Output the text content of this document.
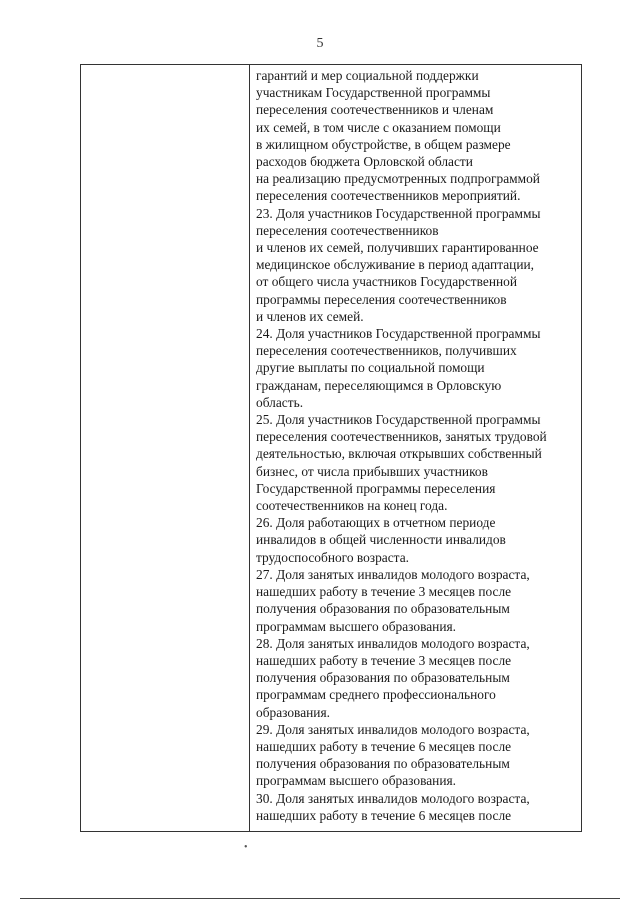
5
гарантий и мер социальной поддержки
участникам Государственной программы
переселения соотечественников и членам
их семей, в том числе с оказанием помощи
в жилищном обустройстве, в общем размере
расходов бюджета Орловской области
на реализацию предусмотренных подпрограммой
переселения соотечественников мероприятий.
23. Доля участников Государственной программы
переселения соотечественников
и членов их семей, получивших гарантированное
медицинское обслуживание в период адаптации,
от общего числа участников Государственной
программы переселения соотечественников
и членов их семей.
24. Доля участников Государственной программы
переселения соотечественников, получивших
другие выплаты по социальной помощи
гражданам, переселяющимся в Орловскую
область.
25. Доля участников Государственной программы
переселения соотечественников, занятых трудовой
деятельностью, включая открывших собственный
бизнес, от числа прибывших участников
Государственной программы переселения
соотечественников на конец года.
26. Доля работающих в отчетном периоде
инвалидов в общей численности инвалидов
трудоспособного возраста.
27. Доля занятых инвалидов молодого возраста,
нашедших работу в течение 3 месяцев после
получения образования по образовательным
программам высшего образования.
28. Доля занятых инвалидов молодого возраста,
нашедших работу в течение 3 месяцев после
получения образования по образовательным
программам среднего профессионального
образования.
29. Доля занятых инвалидов молодого возраста,
нашедших работу в течение 6 месяцев после
получения образования по образовательным
программам высшего образования.
30. Доля занятых инвалидов молодого возраста,
нашедших работу в течение 6 месяцев после
•
